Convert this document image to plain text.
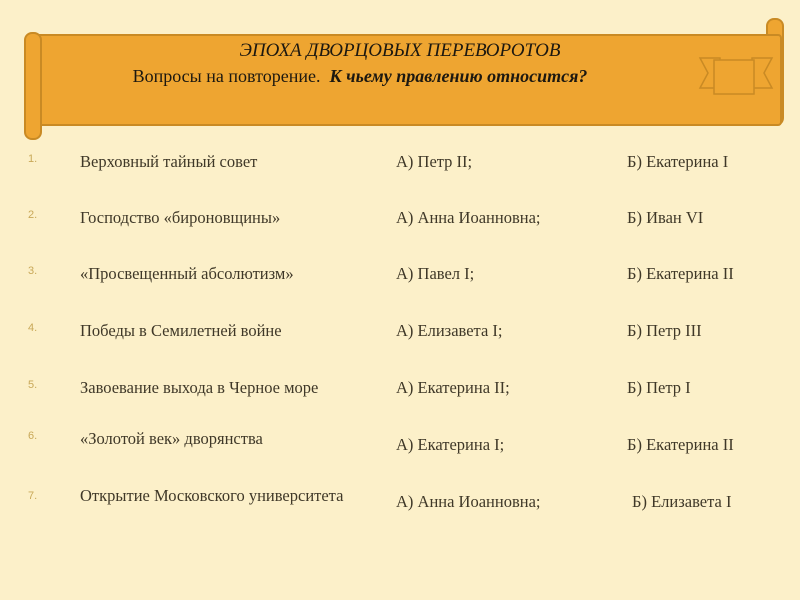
ЭПОХА ДВОРЦОВЫХ ПЕРЕВОРОТОВ
Вопросы на повторение. К чьему правлению относится?
1.	Верховный тайный совет	А) Петр II;	Б) Екатерина I
2.	Господство «бироновщины»	А) Анна Иоанновна;	Б) Иван VI
3.	«Просвещенный абсолютизм»	А) Павел I;	Б) Екатерина II
4.	Победы в Семилетней войне	А) Елизавета I;	Б) Петр III
5.	Завоевание выхода в Черное море	А) Екатерина II;	Б) Петр I
6.	«Золотой век» дворянства	А) Екатерина I;	Б) Екатерина II
7.	Открытие Московского университета	А) Анна Иоанновна;	Б) Елизавета I
